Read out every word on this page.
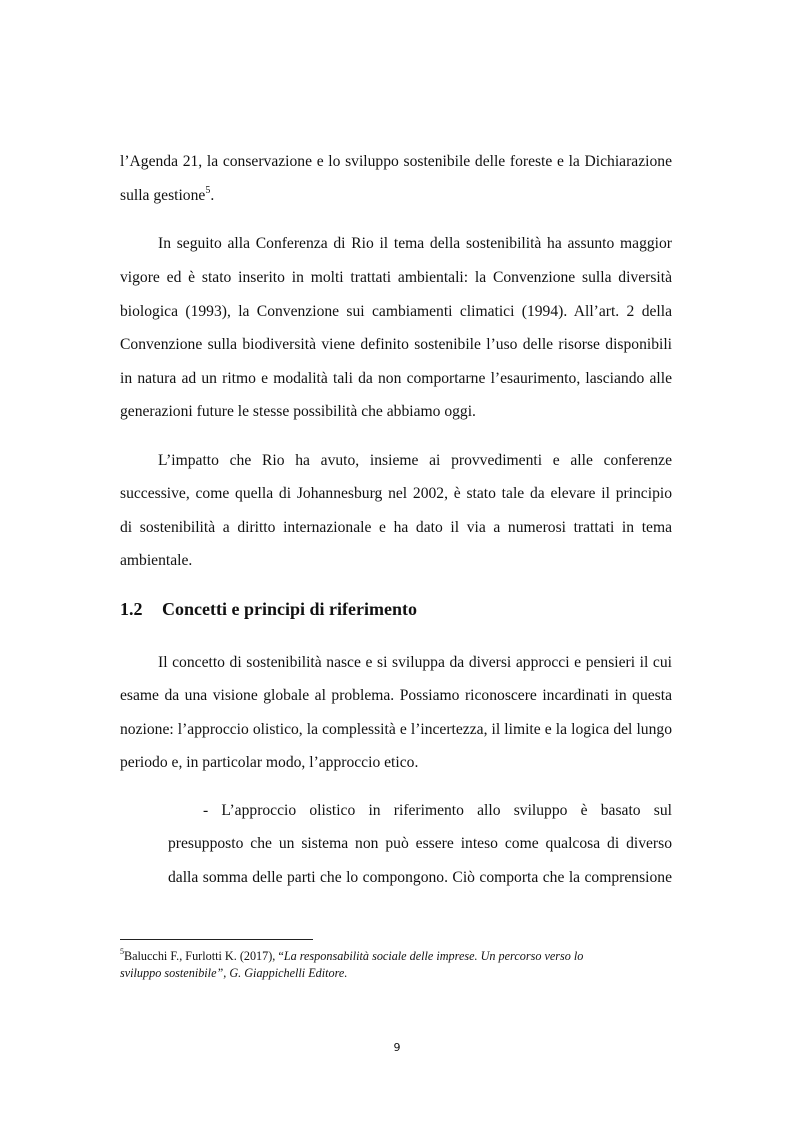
l’Agenda 21, la conservazione e lo sviluppo sostenibile delle foreste e la Dichiarazione
sulla gestione$^5$.
In seguito alla Conferenza di Rio il tema della sostenibilità ha assunto maggior
vigore ed è stato inserito in molti trattati ambientali: la Convenzione sulla diversità
biologica (1993), la Convenzione sui cambiamenti climatici (1994). All’art. 2 della
Convenzione sulla biodiversità viene definito sostenibile l’uso delle risorse disponibili
in natura ad un ritmo e modalità tali da non comportarne l’esaurimento, lasciando alle
generazioni future le stesse possibilità che abbiamo oggi.
L’impatto che Rio ha avuto, insieme ai provvedimenti e alle conferenze
successive, come quella di Johannesburg nel 2002, è stato tale da elevare il principio
di sostenibilità a diritto internazionale e ha dato il via a numerosi trattati in tema
ambientale.
1.2 Concetti e principi di riferimento
Il concetto di sostenibilità nasce e si sviluppa da diversi approcci e pensieri il cui
esame da una visione globale al problema. Possiamo riconoscere incardinati in questa
nozione: l’approccio olistico, la complessità e l’incertezza, il limite e la logica del lungo
periodo e, in particolar modo, l’approccio etico.
- L’approccio olistico in riferimento allo sviluppo è basato sul
presupposto che un sistema non può essere inteso come qualcosa di diverso
dalla somma delle parti che lo compongono. Ciò comporta che la comprensione
$^5$Balucchi F., Furlotti K. (2017), “La responsabilità sociale delle imprese. Un percorso verso lo
sviluppo sostenibile”, G. Giappichelli Editore.
9
